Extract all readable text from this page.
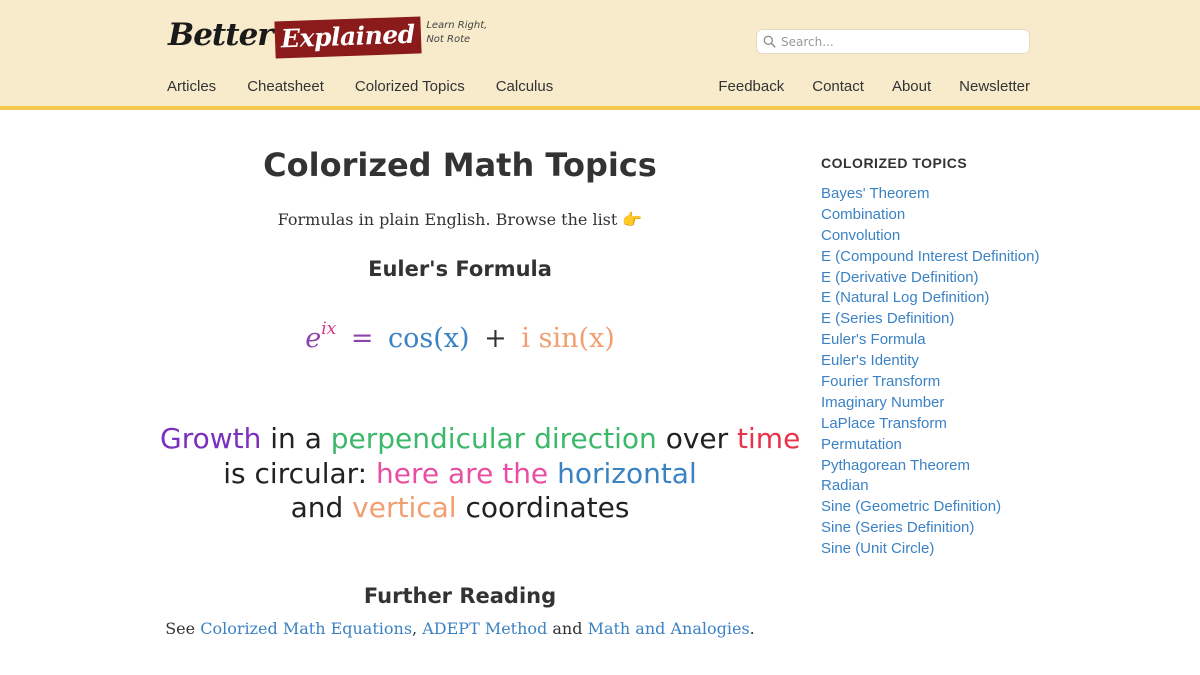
Better Explained	Learn Right,
Not Rote
Search...
Articles Cheatsheet Colorized Topics Calculus	Feedback Contact About Newsletter
Colorized Math Topics

Formulas in plain English. Browse the list 👉

Euler's Formula
$e^{ix} = \cos(x) + i$ sin(x)
Growth in a perpendicular direction over time
is circular: here are the horizontal
and vertical coordinates
Further Reading

See Colorized Math Equations, ADEPT Method and Math and Analogies.

COLORIZED TOPICS
Bayes' Theorem
Combination
Convolution
E (Compound Interest Definition)
E (Derivative Definition)
E (Natural Log Definition)
E (Series Definition)
Euler's Formula
Euler's Identity
Fourier Transform
Imaginary Number
LaPlace Transform
Permutation
Pythagorean Theorem
Radian
Sine (Geometric Definition)
Sine (Series Definition)
Sine (Unit Circle)
